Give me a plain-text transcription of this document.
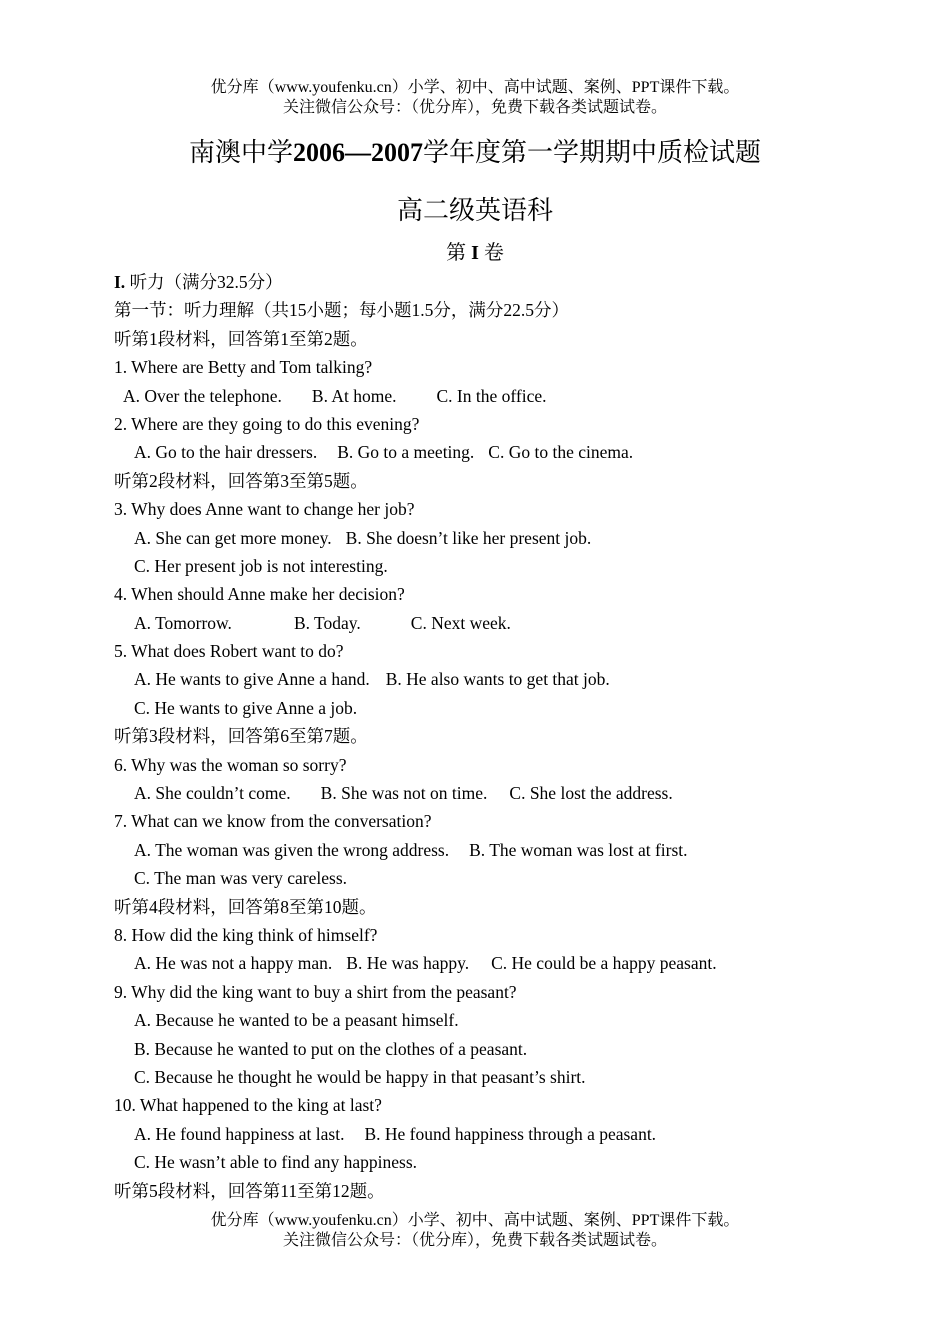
优分库（www.youfenku.cn）小学、初中、高中试题、案例、PPT课件下载。
关注微信公众号：（优分库），免费下载各类试题试卷。
南澳中学2006—2007学年度第一学期期中质检试题
高二级英语科
第 I 卷
I. 听力（满分32.5分）
第一节：听力理解（共15小题；每小题1.5分，满分22.5分）
听第1段材料，回答第1至第2题。
1. Where are Betty and Tom talking?
A. Over the telephone. B. At home. C. In the office.
2. Where are they going to do this evening?
A. Go to the hair dressers. B. Go to a meeting. C. Go to the cinema.
听第2段材料，回答第3至第5题。
3. Why does Anne want to change her job?
A. She can get more money. B. She doesn’t like her present job.
C. Her present job is not interesting.
4. When should Anne make her decision?
A. Tomorrow.	B. Today.	C. Next week.
5. What does Robert want to do?
A. He wants to give Anne a hand. B. He also wants to get that job.
C. He wants to give Anne a job.
听第3段材料，回答第6至第7题。
6. Why was the woman so sorry?
A. She couldn’t come. B. She was not on time. C. She lost the address.
7. What can we know from the conversation?
A. The woman was given the wrong address. B. The woman was lost at first.
C. The man was very careless.
听第4段材料，回答第8至第10题。
8. How did the king think of himself?
A. He was not a happy man. B. He was happy. C. He could be a happy peasant.
9. Why did the king want to buy a shirt from the peasant?
A. Because he wanted to be a peasant himself.
B. Because he wanted to put on the clothes of a peasant.
C. Because he thought he would be happy in that peasant’s shirt.
10. What happened to the king at last?
A. He found happiness at last. B. He found happiness through a peasant.
C. He wasn’t able to find any happiness.
听第5段材料，回答第11至第12题。
优分库（www.youfenku.cn）小学、初中、高中试题、案例、PPT课件下载。
关注微信公众号：（优分库），免费下载各类试题试卷。
